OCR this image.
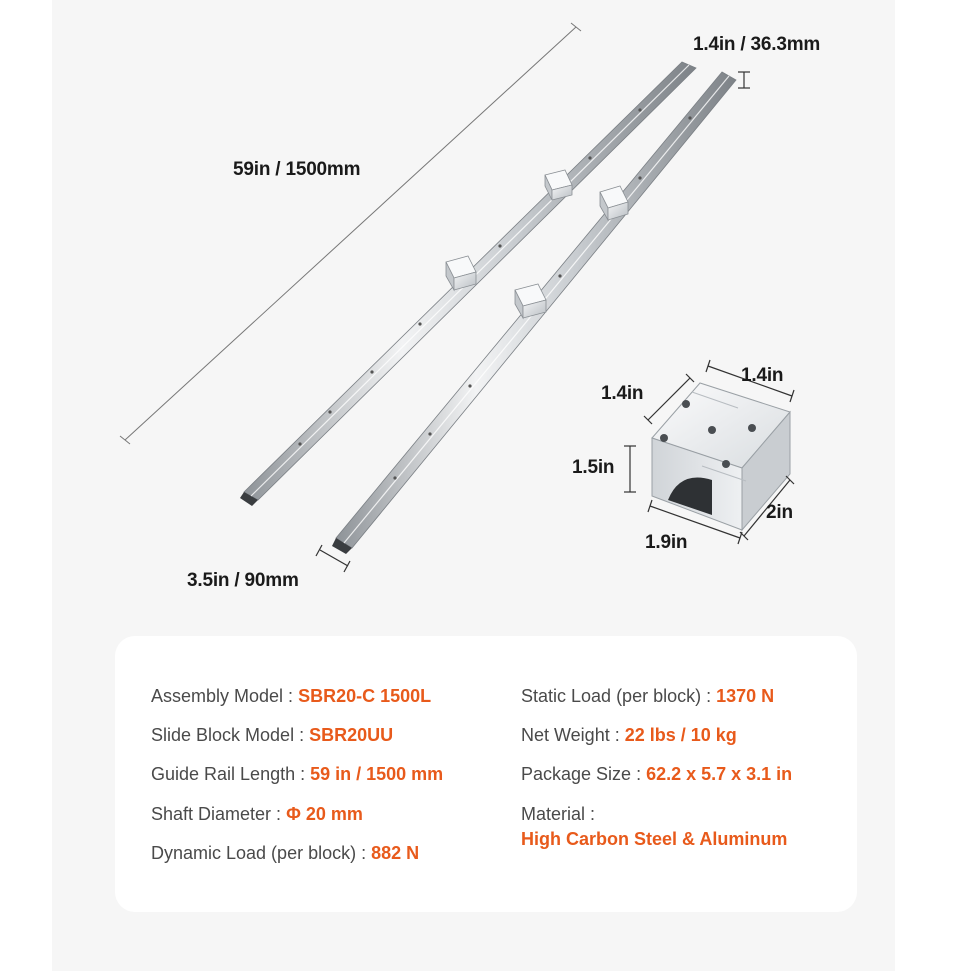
59in / 1500mm
1.4in / 36.3mm
3.5in / 90mm
1.4in
1.4in
1.5in
1.9in
2in
Assembly Model : SBR20-C 1500L
Slide Block Model : SBR20UU
Guide Rail Length : 59 in / 1500 mm
Shaft Diameter : Φ 20 mm
Dynamic Load (per block) : 882 N
Static Load (per block) : 1370 N
Net Weight : 22 lbs / 10 kg
Package Size : 62.2 x 5.7 x 3.1 in
Material :
High Carbon Steel & Aluminum
